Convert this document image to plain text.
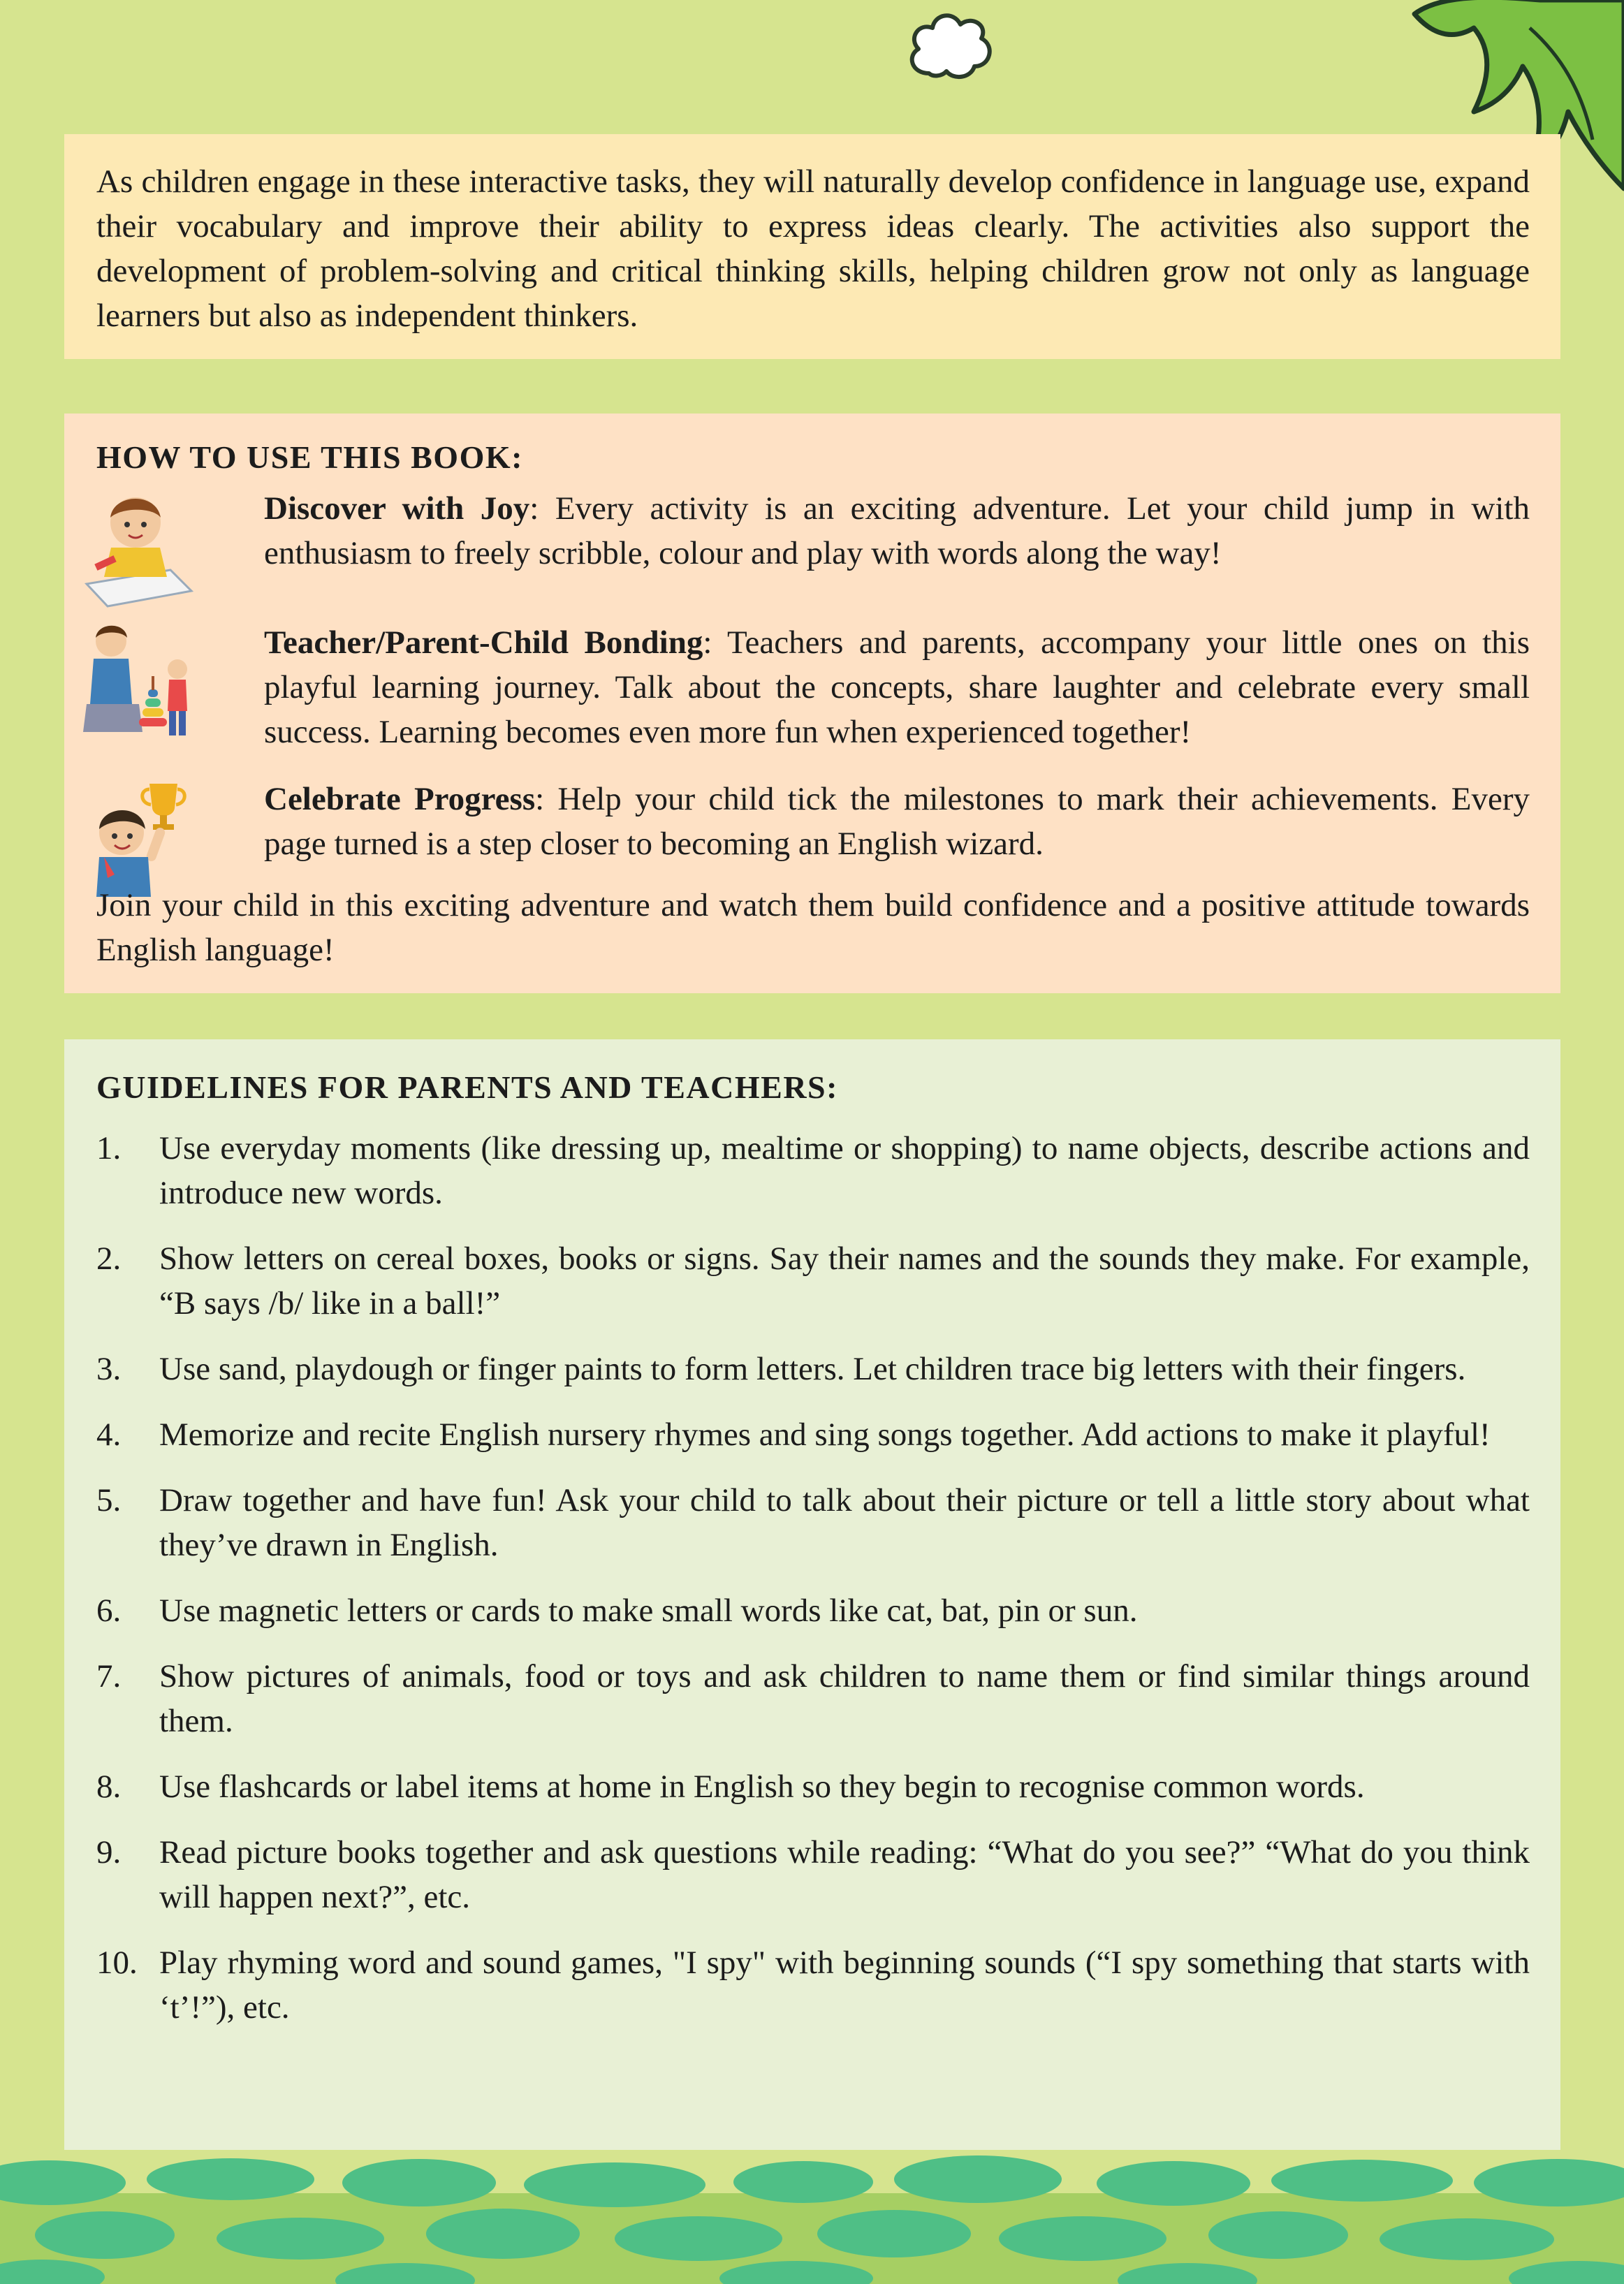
As children engage in these interactive tasks, they will naturally develop confidence in language use, expand their vocabulary and improve their ability to express ideas clearly. The activities also support the development of problem-solving and critical thinking skills, helping children grow not only as language learners but also as independent thinkers.

HOW TO USE THIS BOOK:

Discover with Joy: Every activity is an exciting adventure. Let your child jump in with enthusiasm to freely scribble, colour and play with words along the way!

Teacher/Parent-Child Bonding: Teachers and parents, accompany your little ones on this playful learning journey. Talk about the concepts, share laughter and celebrate every small success. Learning becomes even more fun when experienced together!

Celebrate Progress: Help your child tick the milestones to mark their achievements. Every page turned is a step closer to becoming an English wizard.

Join your child in this exciting adventure and watch them build confidence and a positive attitude towards English language!

GUIDELINES FOR PARENTS AND TEACHERS:
1. Use everyday moments (like dressing up, mealtime or shopping) to name objects, describe actions and introduce new words.
2. Show letters on cereal boxes, books or signs. Say their names and the sounds they make. For example, “B says /b/ like in a ball!”
3. Use sand, playdough or finger paints to form letters. Let children trace big letters with their fingers.
4. Memorize and recite English nursery rhymes and sing songs together. Add actions to make it playful!
5. Draw together and have fun! Ask your child to talk about their picture or tell a little story about what they’ve drawn in English.
6. Use magnetic letters or cards to make small words like cat, bat, pin or sun.
7. Show pictures of animals, food or toys and ask children to name them or find similar things around them.
8. Use flashcards or label items at home in English so they begin to recognise common words.
9. Read picture books together and ask questions while reading: “What do you see?” “What do you think will happen next?”, etc.
10. Play rhyming word and sound games, "I spy" with beginning sounds (“I spy something that starts with ‘t’!”), etc.
